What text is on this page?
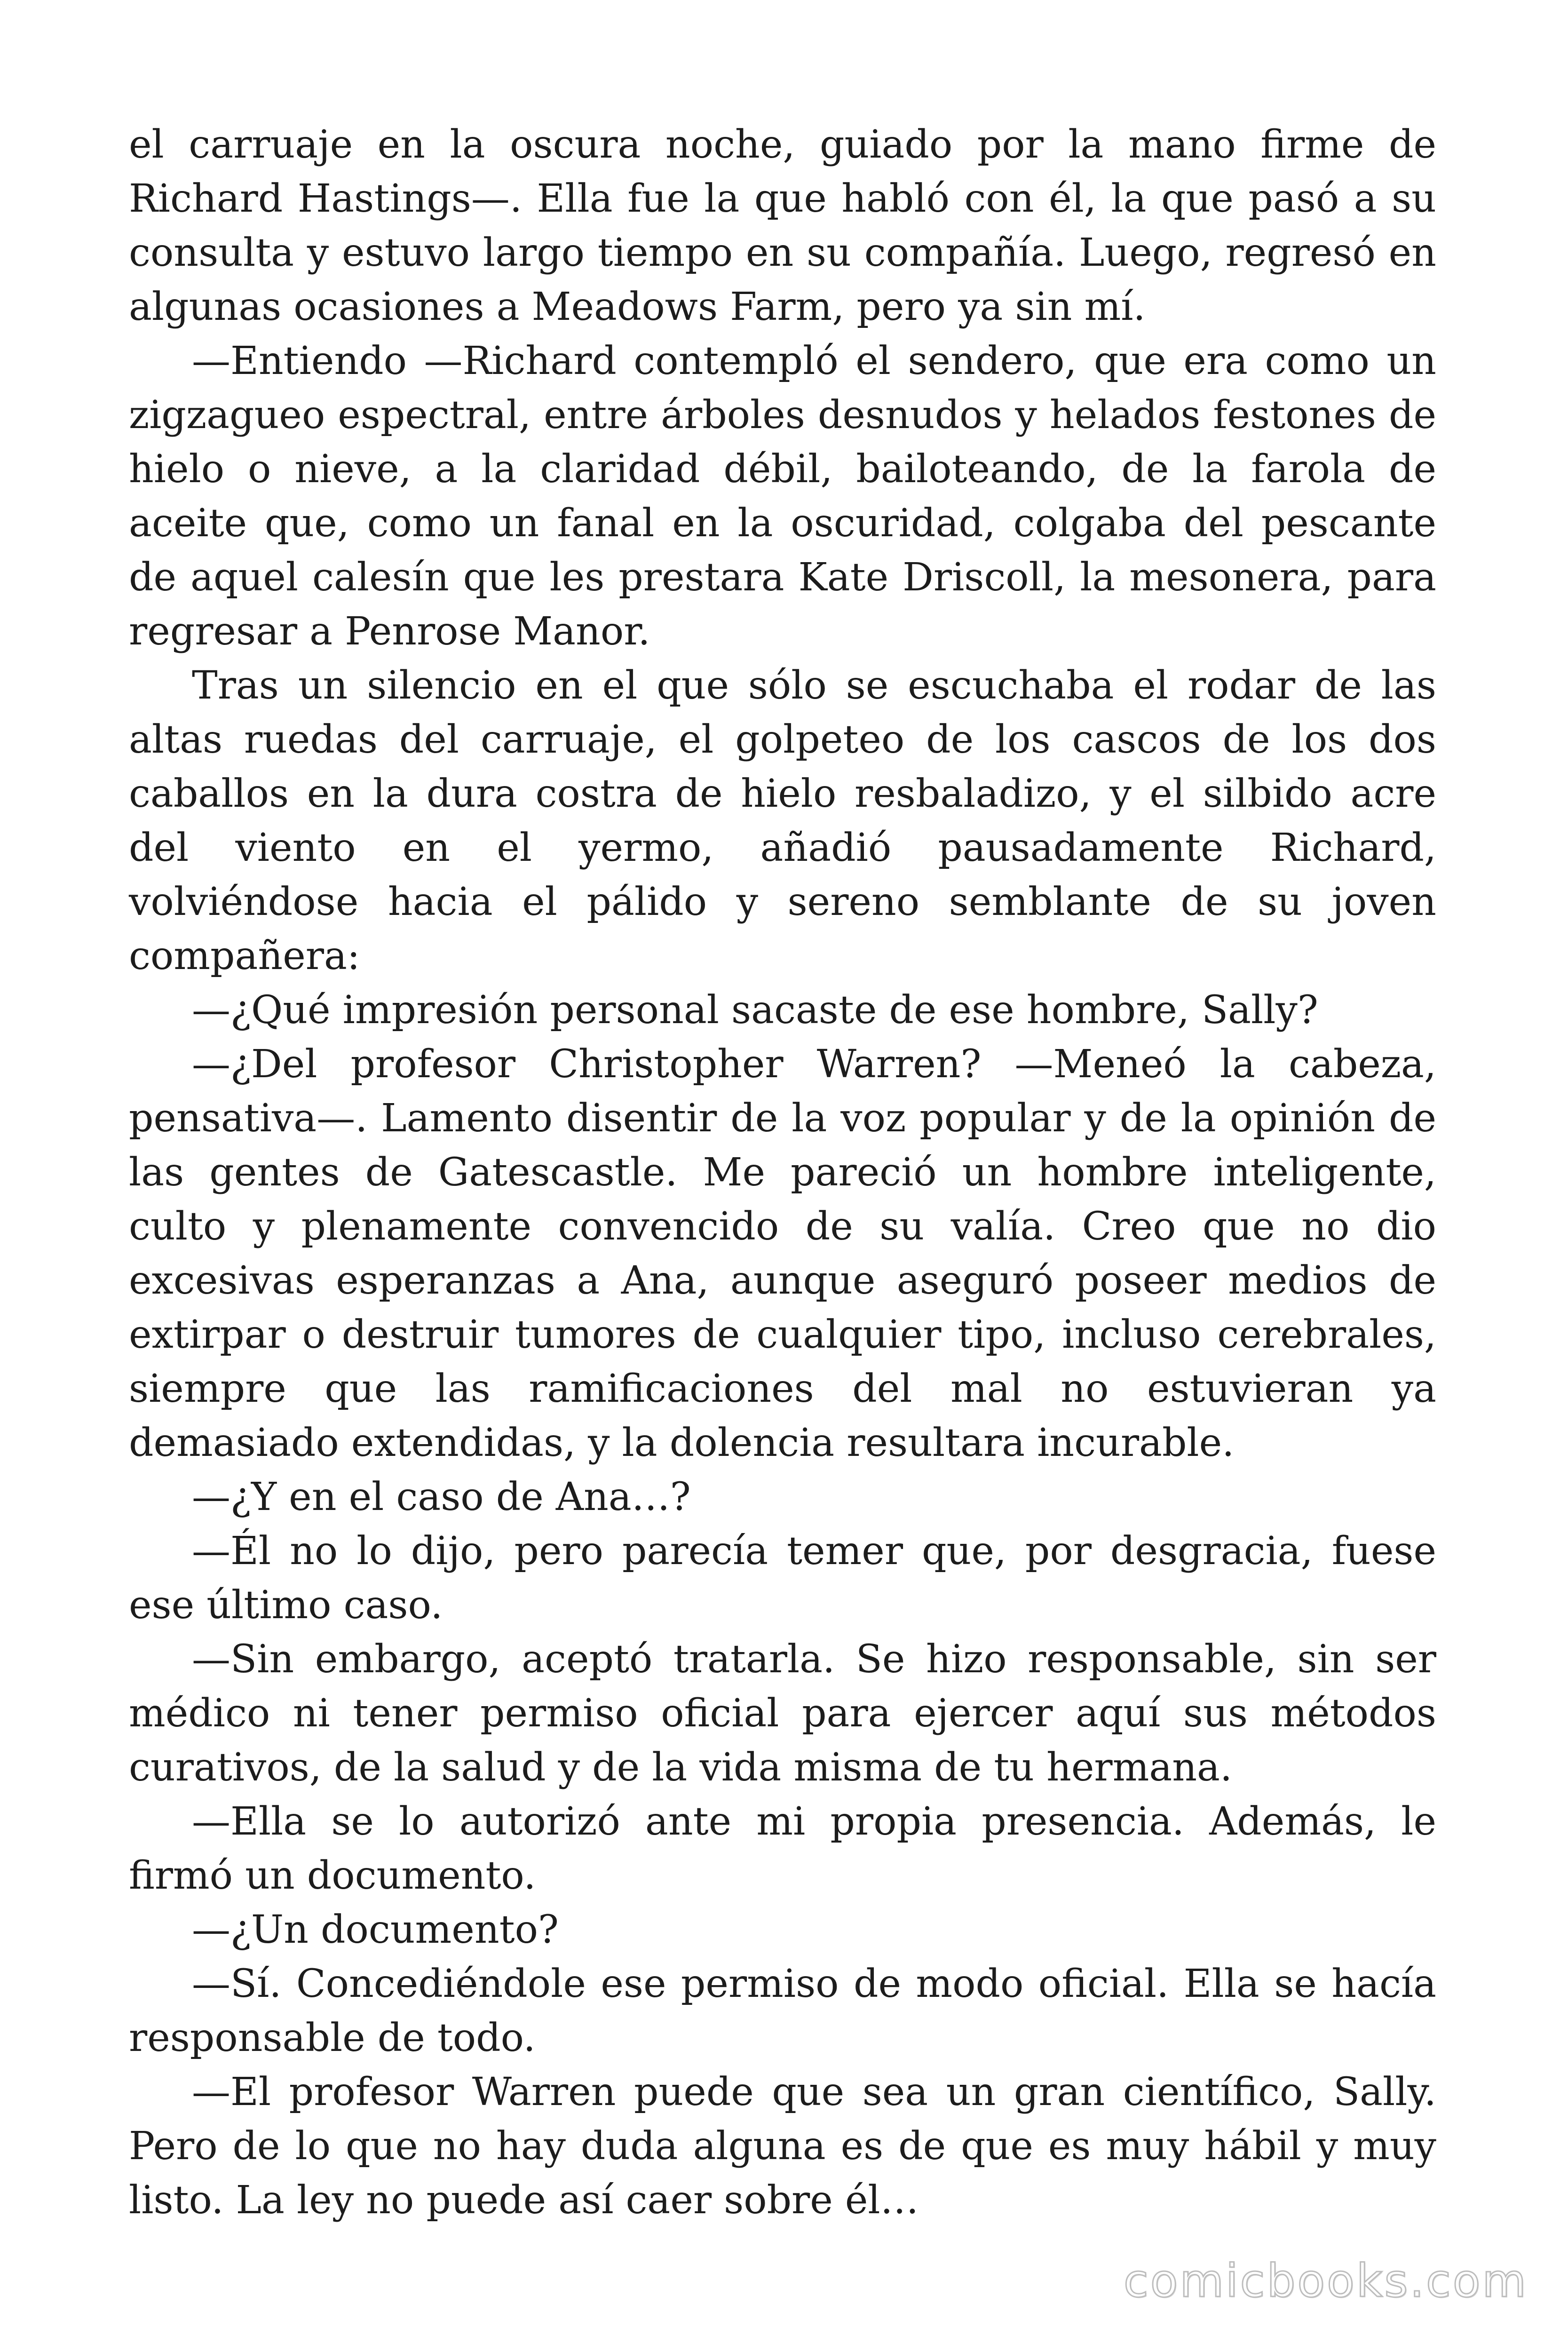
el carruaje en la oscura noche, guiado por la mano firme de Richard Hastings—. Ella fue la que habló con él, la que pasó a su consulta y estuvo largo tiempo en su compañía. Luego, regresó en algunas ocasiones a Meadows Farm, pero ya sin mí.

—Entiendo —Richard contempló el sendero, que era como un zigzagueo espectral, entre árboles desnudos y helados festones de hielo o nieve, a la claridad débil, bailoteando, de la farola de aceite que, como un fanal en la oscuridad, colgaba del pescante de aquel calesín que les prestara Kate Driscoll, la mesonera, para regresar a Penrose Manor.

Tras un silencio en el que sólo se escuchaba el rodar de las altas ruedas del carruaje, el golpeteo de los cascos de los dos caballos en la dura costra de hielo resbaladizo, y el silbido acre del viento en el yermo, añadió pausadamente Richard, volviéndose hacia el pálido y sereno semblante de su joven compañera:

—¿Qué impresión personal sacaste de ese hombre, Sally?

—¿Del profesor Christopher Warren? —Meneó la cabeza, pensativa—. Lamento disentir de la voz popular y de la opinión de las gentes de Gatescastle. Me pareció un hombre inteligente, culto y plenamente convencido de su valía. Creo que no dio excesivas esperanzas a Ana, aunque aseguró poseer medios de extirpar o destruir tumores de cualquier tipo, incluso cerebrales, siempre que las ramificaciones del mal no estuvieran ya demasiado extendidas, y la dolencia resultara incurable.

—¿Y en el caso de Ana…?

—Él no lo dijo, pero parecía temer que, por desgracia, fuese ese último caso.

—Sin embargo, aceptó tratarla. Se hizo responsable, sin ser médico ni tener permiso oficial para ejercer aquí sus métodos curativos, de la salud y de la vida misma de tu hermana.

—Ella se lo autorizó ante mi propia presencia. Además, le firmó un documento.

—¿Un documento?

—Sí. Concediéndole ese permiso de modo oficial. Ella se hacía responsable de todo.

—El profesor Warren puede que sea un gran científico, Sally. Pero de lo que no hay duda alguna es de que es muy hábil y muy listo. La ley no puede así caer sobre él…

comicbooks.com
